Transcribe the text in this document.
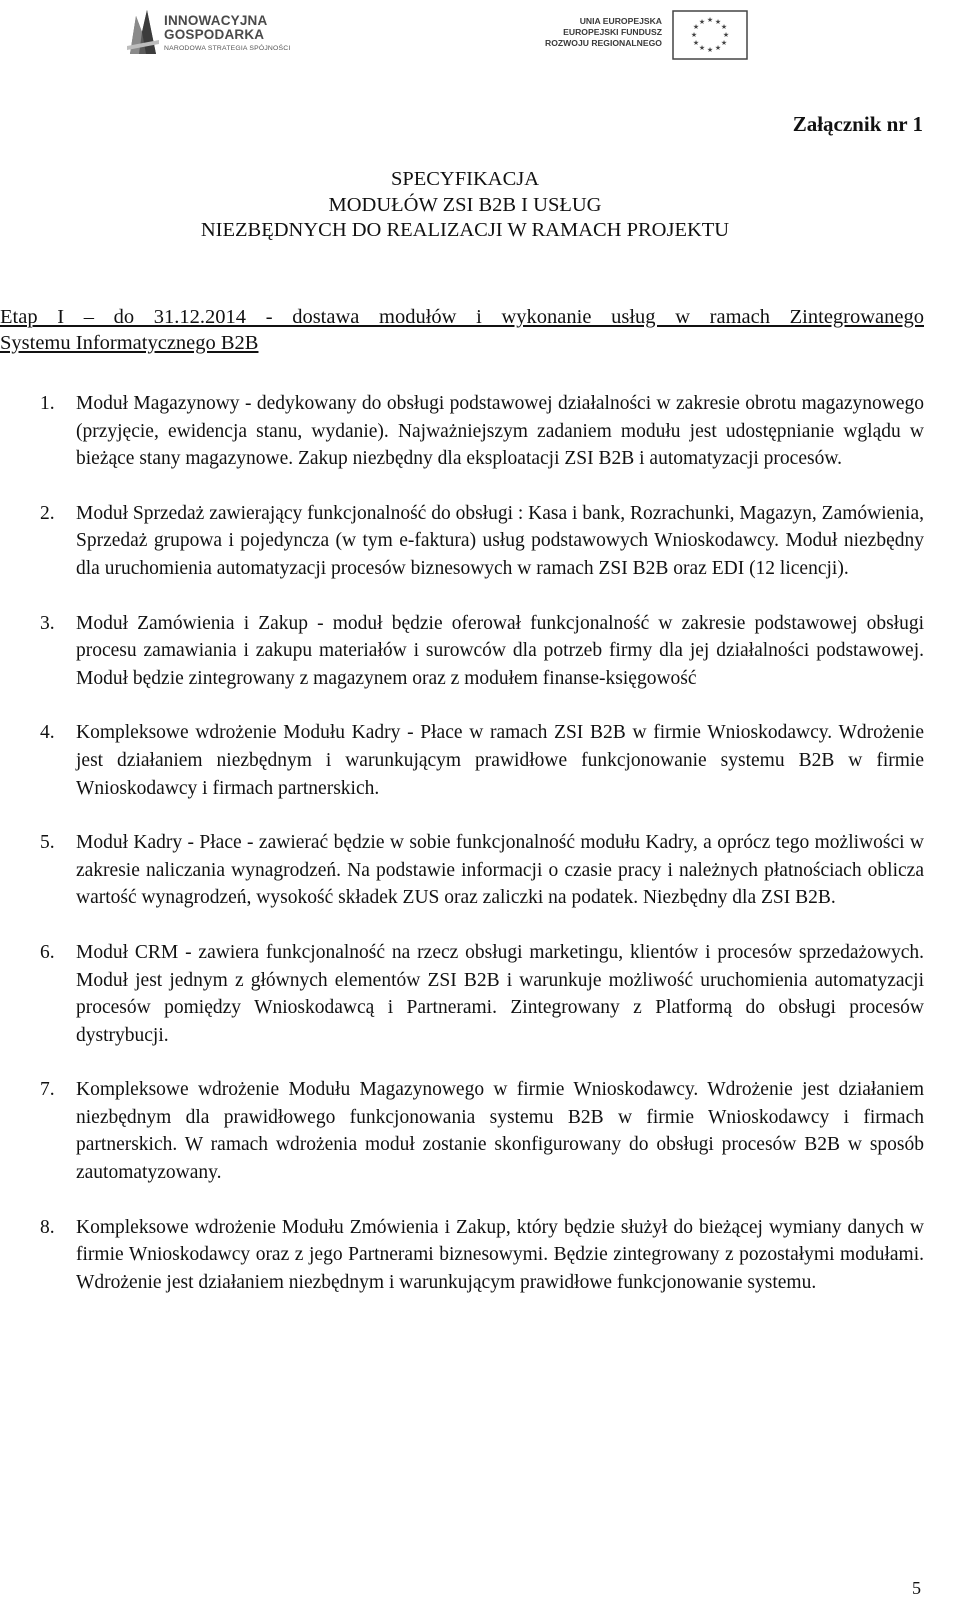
INNOWACYJNA
GOSPODARKA
NARODOWA STRATEGIA SPÓJNOŚCI
UNIA EUROPEJSKA
EUROPEJSKI FUNDUSZ
ROZWOJU REGIONALNEGO
★ ★
★
★
★
★
★
★
★
★
★
★
Załącznik nr 1
SPECYFIKACJA
MODUŁÓW ZSI B2B I USŁUG
NIEZBĘDNYCH DO REALIZACJI W RAMACH PROJEKTU
Etap I – do 31.12.2014 - dostawa modułów i wykonanie usług w ramach Zintegrowanego
Systemu Informatycznego B2B
1. Moduł Magazynowy - dedykowany do obsługi podstawowej działalności w zakresie obrotu magazynowego (przyjęcie, ewidencja stanu, wydanie). Najważniejszym zadaniem modułu jest udostępnianie wglądu w bieżące stany magazynowe. Zakup niezbędny dla eksploatacji ZSI B2B i automatyzacji procesów.
2. Moduł Sprzedaż zawierający funkcjonalność do obsługi : Kasa i bank, Rozrachunki, Magazyn, Zamówienia, Sprzedaż grupowa i pojedyncza (w tym e-faktura) usług podstawowych Wnioskodawcy. Moduł niezbędny dla uruchomienia automatyzacji procesów biznesowych w ramach ZSI B2B oraz EDI (12 licencji).
3. Moduł Zamówienia i Zakup - moduł będzie oferował funkcjonalność w zakresie podstawowej obsługi procesu zamawiania i zakupu materiałów i surowców dla potrzeb firmy dla jej działalności podstawowej. Moduł będzie zintegrowany z magazynem oraz z modułem finanse-księgowość
4. Kompleksowe wdrożenie Modułu Kadry - Płace w ramach ZSI B2B w firmie Wnioskodawcy. Wdrożenie jest działaniem niezbędnym i warunkującym prawidłowe funkcjonowanie systemu B2B w firmie Wnioskodawcy i firmach partnerskich.
5. Moduł Kadry - Płace - zawierać będzie w sobie funkcjonalność modułu Kadry, a oprócz tego możliwości w zakresie naliczania wynagrodzeń. Na podstawie informacji o czasie pracy i należnych płatnościach oblicza wartość wynagrodzeń, wysokość składek ZUS oraz zaliczki na podatek. Niezbędny dla ZSI B2B.
6. Moduł CRM - zawiera funkcjonalność na rzecz obsługi marketingu, klientów i procesów sprzedażowych. Moduł jest jednym z głównych elementów ZSI B2B i warunkuje możliwość uruchomienia automatyzacji procesów pomiędzy Wnioskodawcą i Partnerami. Zintegrowany z Platformą do obsługi procesów dystrybucji.
7. Kompleksowe wdrożenie Modułu Magazynowego w firmie Wnioskodawcy. Wdrożenie jest działaniem niezbędnym dla prawidłowego funkcjonowania systemu B2B w firmie Wnioskodawcy i firmach partnerskich. W ramach wdrożenia moduł zostanie skonfigurowany do obsługi procesów B2B w sposób zautomatyzowany.
8. Kompleksowe wdrożenie Modułu Zmówienia i Zakup, który będzie służył do bieżącej wymiany danych w firmie Wnioskodawcy oraz z jego Partnerami biznesowymi. Będzie zintegrowany z pozostałymi modułami. Wdrożenie jest działaniem niezbędnym i warunkującym prawidłowe funkcjonowanie systemu.
5
